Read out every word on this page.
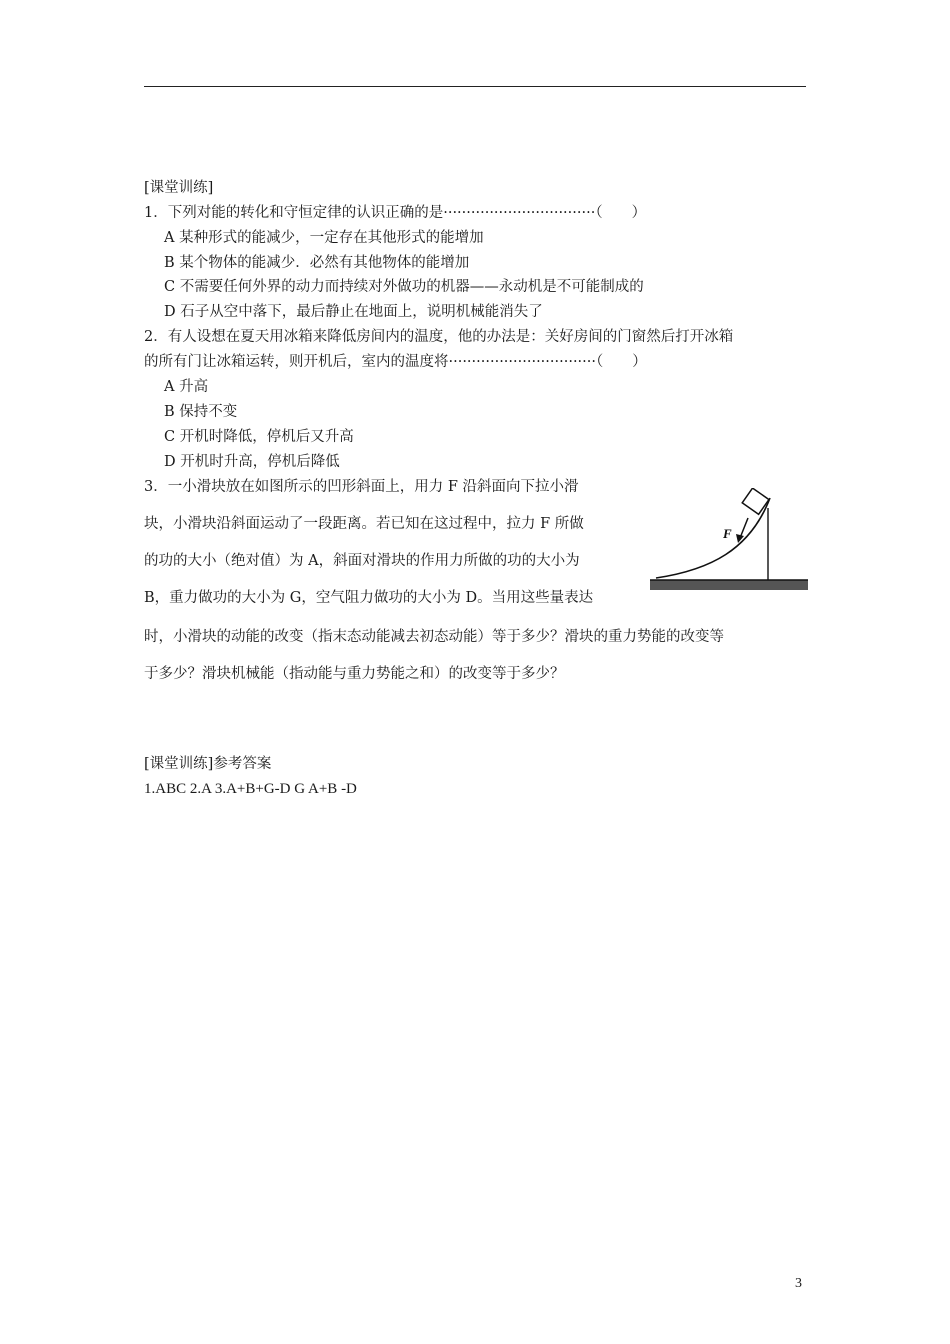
[课堂训练]
1．下列对能的转化和守恒定律的认识正确的是·································（　　）
A 某种形式的能减少，一定存在其他形式的能增加
B 某个物体的能减少．必然有其他物体的能增加
C 不需要任何外界的动力而持续对外做功的机器——永动机是不可能制成的
D 石子从空中落下，最后静止在地面上，说明机械能消失了
2．有人设想在夏天用冰箱来降低房间内的温度，他的办法是：关好房间的门窗然后打开冰箱
的所有门让冰箱运转，则开机后，室内的温度将································（　　）
A 升高
B 保持不变
C 开机时降低，停机后又升高
D 开机时升高，停机后降低
3．一小滑块放在如图所示的凹形斜面上，用力 F 沿斜面向下拉小滑
块，小滑块沿斜面运动了一段距离。若已知在这过程中，拉力 F 所做
的功的大小（绝对值）为 A，斜面对滑块的作用力所做的功的大小为
B，重力做功的大小为 G，空气阻力做功的大小为 D。当用这些量表达
时，小滑块的动能的改变（指末态动能减去初态动能）等于多少？滑块的重力势能的改变等
于多少？滑块机械能（指动能与重力势能之和）的改变等于多少？
F
[课堂训练]参考答案
1.ABC 2.A 3.A+B+G-D G A+B -D
3
